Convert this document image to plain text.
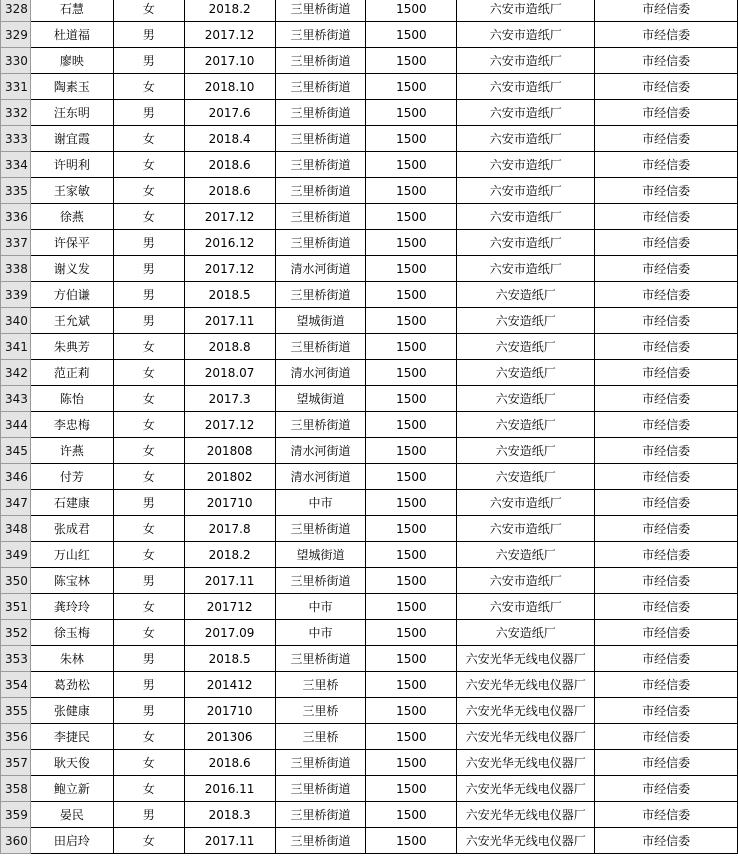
328	石慧	女	2018.2	三里桥街道	1500	六安市造纸厂	市经信委
329	杜道福	男	2017.12	三里桥街道	1500	六安市造纸厂	市经信委
330	廖映	男	2017.10	三里桥街道	1500	六安市造纸厂	市经信委
331	陶素玉	女	2018.10	三里桥街道	1500	六安市造纸厂	市经信委
332	汪东明	男	2017.6	三里桥街道	1500	六安市造纸厂	市经信委
333	谢宜霞	女	2018.4	三里桥街道	1500	六安市造纸厂	市经信委
334	许明利	女	2018.6	三里桥街道	1500	六安市造纸厂	市经信委
335	王家敏	女	2018.6	三里桥街道	1500	六安市造纸厂	市经信委
336	徐燕	女	2017.12	三里桥街道	1500	六安市造纸厂	市经信委
337	许保平	男	2016.12	三里桥街道	1500	六安市造纸厂	市经信委
338	谢义发	男	2017.12	清水河街道	1500	六安市造纸厂	市经信委
339	方伯谦	男	2018.5	三里桥街道	1500	六安造纸厂	市经信委
340	王允斌	男	2017.11	望城街道	1500	六安造纸厂	市经信委
341	朱典芳	女	2018.8	三里桥街道	1500	六安造纸厂	市经信委
342	范正莉	女	2018.07	清水河街道	1500	六安造纸厂	市经信委
343	陈怡	女	2017.3	望城街道	1500	六安造纸厂	市经信委
344	李忠梅	女	2017.12	三里桥街道	1500	六安造纸厂	市经信委
345	许燕	女	201808	清水河街道	1500	六安造纸厂	市经信委
346	付芳	女	201802	清水河街道	1500	六安造纸厂	市经信委
347	石建康	男	201710	中市	1500	六安市造纸厂	市经信委
348	张成君	女	2017.8	三里桥街道	1500	六安市造纸厂	市经信委
349	万山红	女	2018.2	望城街道	1500	六安造纸厂	市经信委
350	陈宝林	男	2017.11	三里桥街道	1500	六安市造纸厂	市经信委
351	龚玲玲	女	201712	中市	1500	六安市造纸厂	市经信委
352	徐玉梅	女	2017.09	中市	1500	六安造纸厂	市经信委
353	朱林	男	2018.5	三里桥街道	1500	六安光华无线电仪器厂	市经信委
354	葛劲松	男	201412	三里桥	1500	六安光华无线电仪器厂	市经信委
355	张健康	男	201710	三里桥	1500	六安光华无线电仪器厂	市经信委
356	李捷民	女	201306	三里桥	1500	六安光华无线电仪器厂	市经信委
357	耿天俊	女	2018.6	三里桥街道	1500	六安光华无线电仪器厂	市经信委
358	鲍立新	女	2016.11	三里桥街道	1500	六安光华无线电仪器厂	市经信委
359	晏民	男	2018.3	三里桥街道	1500	六安光华无线电仪器厂	市经信委
360	田启玲	女	2017.11	三里桥街道	1500	六安光华无线电仪器厂	市经信委
